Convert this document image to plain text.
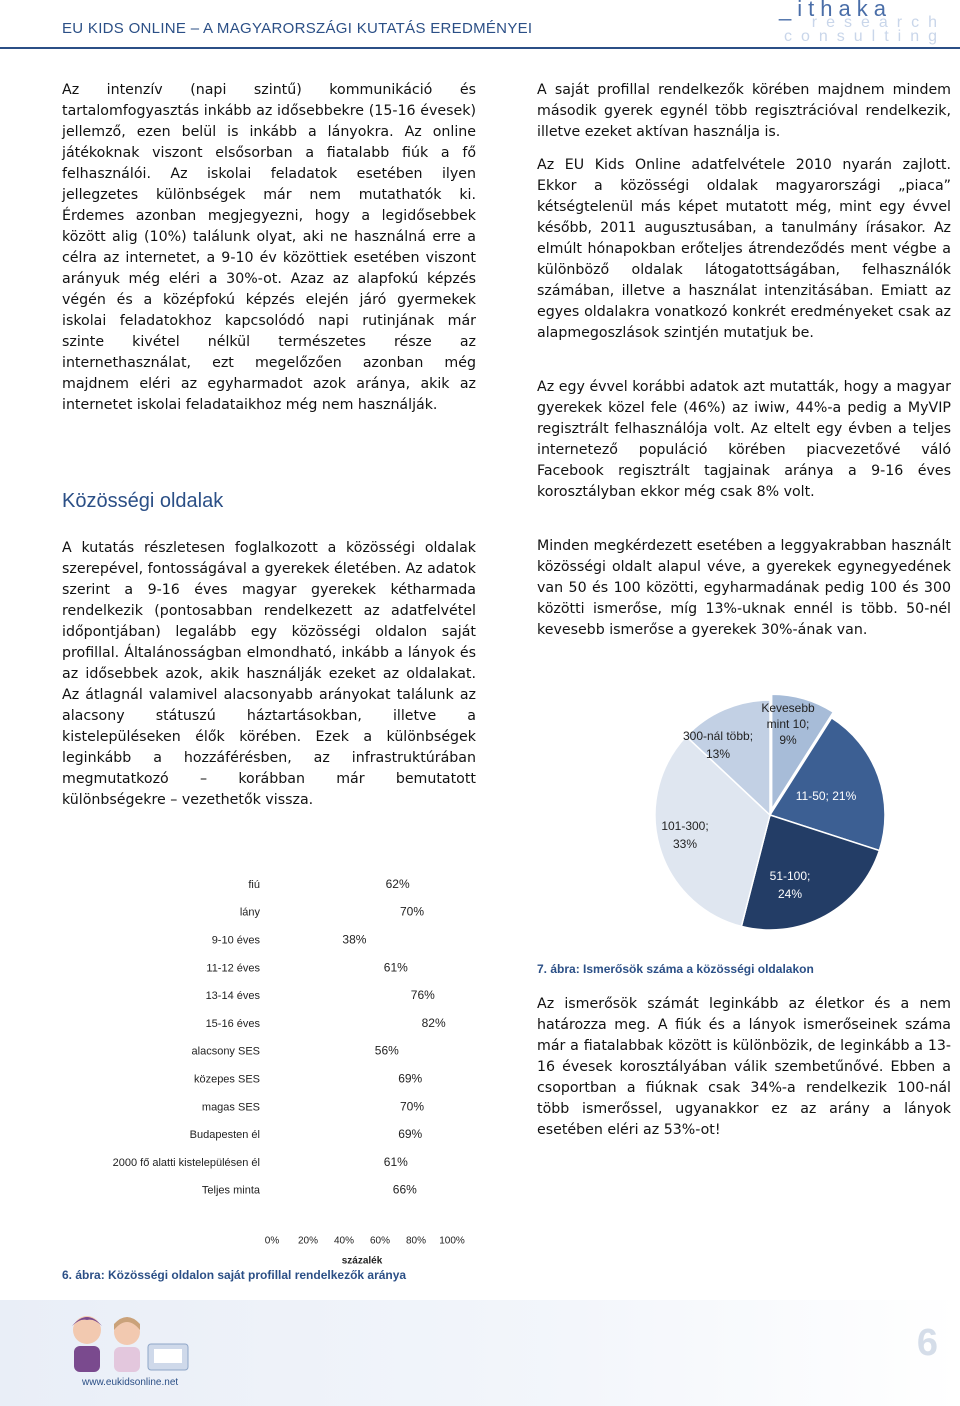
EU KIDS ONLINE – A MAGYARORSZÁGI KUTATÁS EREDMÉNYEI
_ithaka
research
consulting

Az intenzív (napi szintű) kommunikáció és tartalomfogyasztás inkább az idősebbekre (15-16 évesek) jellemző, ezen belül is inkább a lányokra. Az online játékoknak viszont elsősorban a fiatalabb fiúk a fő felhasználói. Az iskolai feladatok esetében ilyen jellegzetes különbségek már nem mutathatók ki. Érdemes azonban megjegyezni, hogy a legidősebbek között alig (10%) találunk olyat, aki ne használná erre a célra az internetet, a 9-10 év közöttiek esetében viszont arányuk még eléri a 30%-ot. Azaz az alapfokú képzés végén és a középfokú képzés elején járó gyermekek iskolai feladatokhoz kapcsolódó napi rutinjának már szinte kivétel nélkül természetes része az internethasználat, ezt megelőzően azonban még majdnem eléri az egyharmadot azok aránya, akik az internetet iskolai feladataikhoz még nem használják.

Közösségi oldalak

A kutatás részletesen foglalkozott a közösségi oldalak szerepével, fontosságával a gyerekek életében. Az adatok szerint a 9-16 éves magyar gyerekek kétharmada rendelkezik (pontosabban rendelkezett az adatfelvétel időpontjában) legalább egy közösségi oldalon saját profillal. Általánosságban elmondható, inkább a lányok és az idősebbek azok, akik használják ezeket az oldalakat. Az átlagnál valamivel alacsonyabb arányokat találunk az alacsony státuszú háztartásokban, illetve a kistelepüléseken élők körében. Ezek a különbségek leginkább a hozzáférésben, az infrastruktúrában megmutatkozó – korábban már bemutatott különbségekre – vezethetők vissza.

fiú	62%
lány	70%
9-10 éves	38%
11-12 éves	61%
13-14 éves	76%
15-16 éves	82%
alacsony SES	56%
közepes SES	69%
magas SES	70%
Budapesten él	69%
2000 fő alatti kistelepülésen él	61%
Teljes minta	66%
0% 20% 40% 60% 80% 100%
százalék
6. ábra: Közösségi oldalon saját profillal rendelkezők aránya

A saját profillal rendelkezők körében majdnem mindem második gyerek egynél több regisztrációval rendelkezik, illetve ezeket aktívan használja is.

Az EU Kids Online adatfelvétele 2010 nyarán zajlott. Ekkor a közösségi oldalak magyarországi „piaca” kétségtelenül más képet mutatott még, mint egy évvel később, 2011 augusztusában, a tanulmány írásakor. Az elmúlt hónapokban erőteljes átrendeződés ment végbe a különböző oldalak látogatottságában, felhasználók számában, illetve a használat intenzitásában. Emiatt az egyes oldalakra vonatkozó konkrét eredményeket csak az alapmegoszlások szintjén mutatjuk be.

Az egy évvel korábbi adatok azt mutatták, hogy a magyar gyerekek közel fele (46%) az iwiw, 44%-a pedig a MyVIP regisztrált felhasználója volt. Az eltelt egy évben a teljes internetező populáció körében piacvezetővé váló Facebook regisztrált tagjainak aránya a 9-16 éves korosztályban ekkor még csak 8% volt.

Minden megkérdezett esetében a leggyakrabban használt közösségi oldalt alapul véve, a gyerekek egynegyedének van 50 és 100 közötti, egyharmadának pedig 100 és 300 közötti ismerőse, míg 13%-uknak ennél is több. 50-nél kevesebb ismerőse a gyerekek 30%-ának van.

Kevesebb mint 10; 9%
11-50; 21%
51-100; 24%
101-300; 33%
300-nál több; 13%
7. ábra: Ismerősök száma a közösségi oldalakon

Az ismerősök számát leginkább az életkor és a nem határozza meg. A fiúk és a lányok ismerőseinek száma már a fiatalabbak között is különbözik, de leginkább a 13-16 évesek korosztályában válik szembetűnővé. Ebben a csoportban a fiúknak csak 34%-a rendelkezik 100-nál több ismerőssel, ugyanakkor ez az arány a lányok esetében eléri az 53%-ot!

www.eukidsonline.net
6
